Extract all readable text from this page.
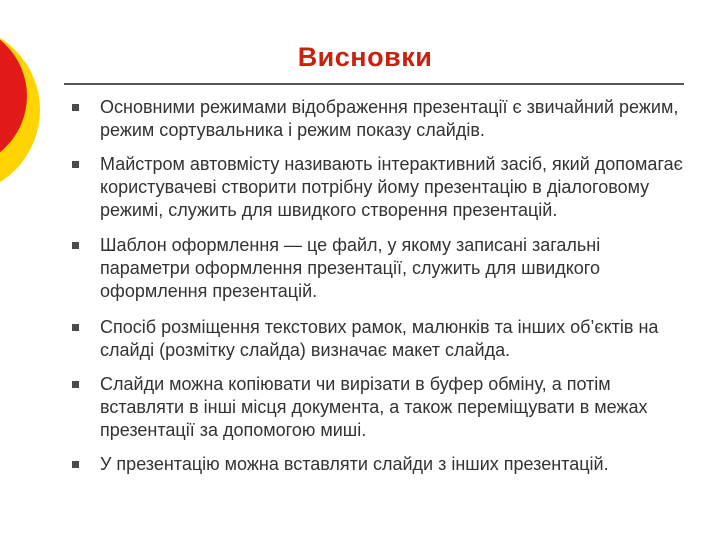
Висновки
Основними режимами відображення презентації є звичайний режим, режим сортувальника і режим показу слайдів.
Майстром автовмісту називають інтерактивний засіб, який допомагає користувачеві створити потрібну йому презентацію в діалоговому режимі, служить для швидкого створення презентацій.
Шаблон оформлення — це файл, у якому записані загальні параметри оформлення презентації, служить для швидкого оформлення презентацій.
Спосіб розміщення текстових рамок, малюнків та інших об’єктів на слайді (розмітку слайда) визначає макет слайда.
Слайди можна копіювати чи вирізати в буфер обміну, а потім вставляти в інші місця документа, а також переміщувати в межах презентації за допомогою миші.
У презентацію можна вставляти слайди з інших презентацій.
